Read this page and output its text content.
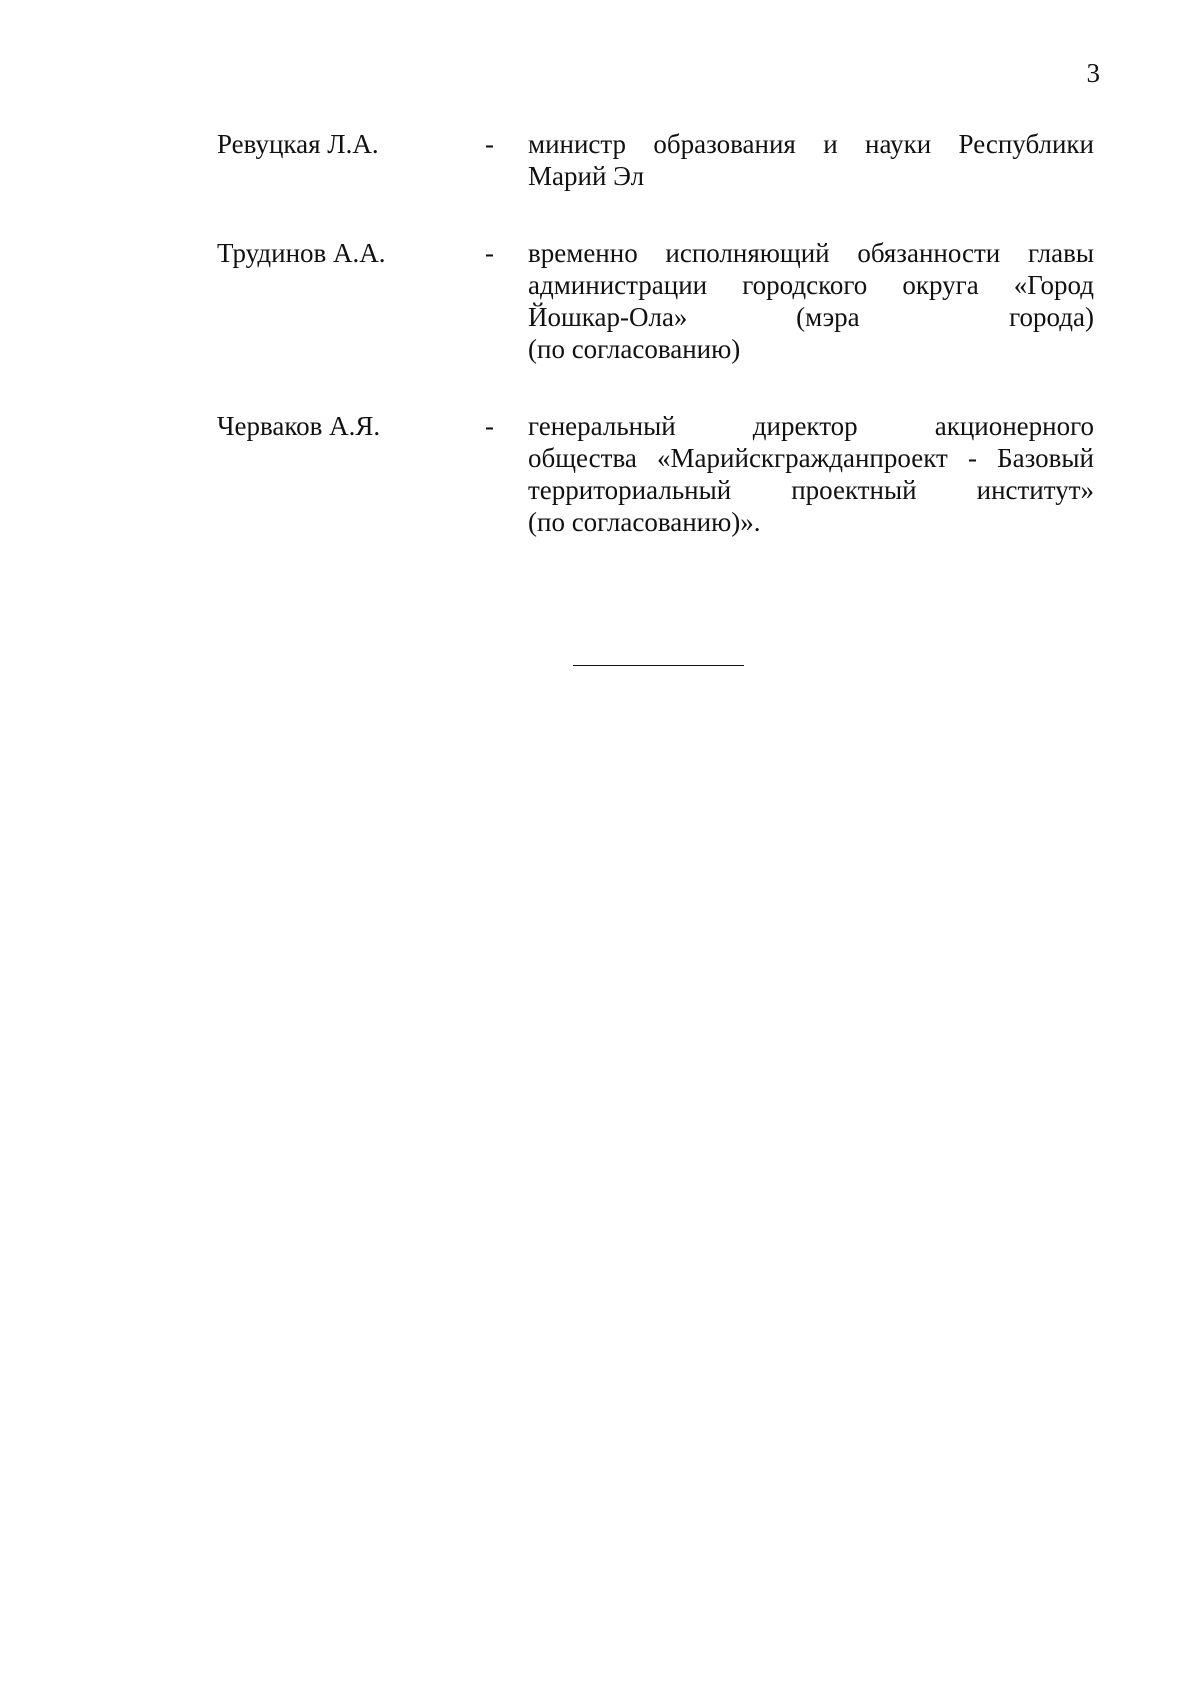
3
Ревуцкая Л.А.	-	министр образования и науки Республики
Марий Эл
Трудинов А.А.	-	временно исполняющий обязанности главы
администрации городского округа «Город
Йошкар-Ола»        (мэра           города)
(по согласованию)
Черваков А.Я.	-	генеральный директор акционерного
общества «Марийскгражданпроект - Базовый
территориальный проектный институт»
(по согласованию)».
